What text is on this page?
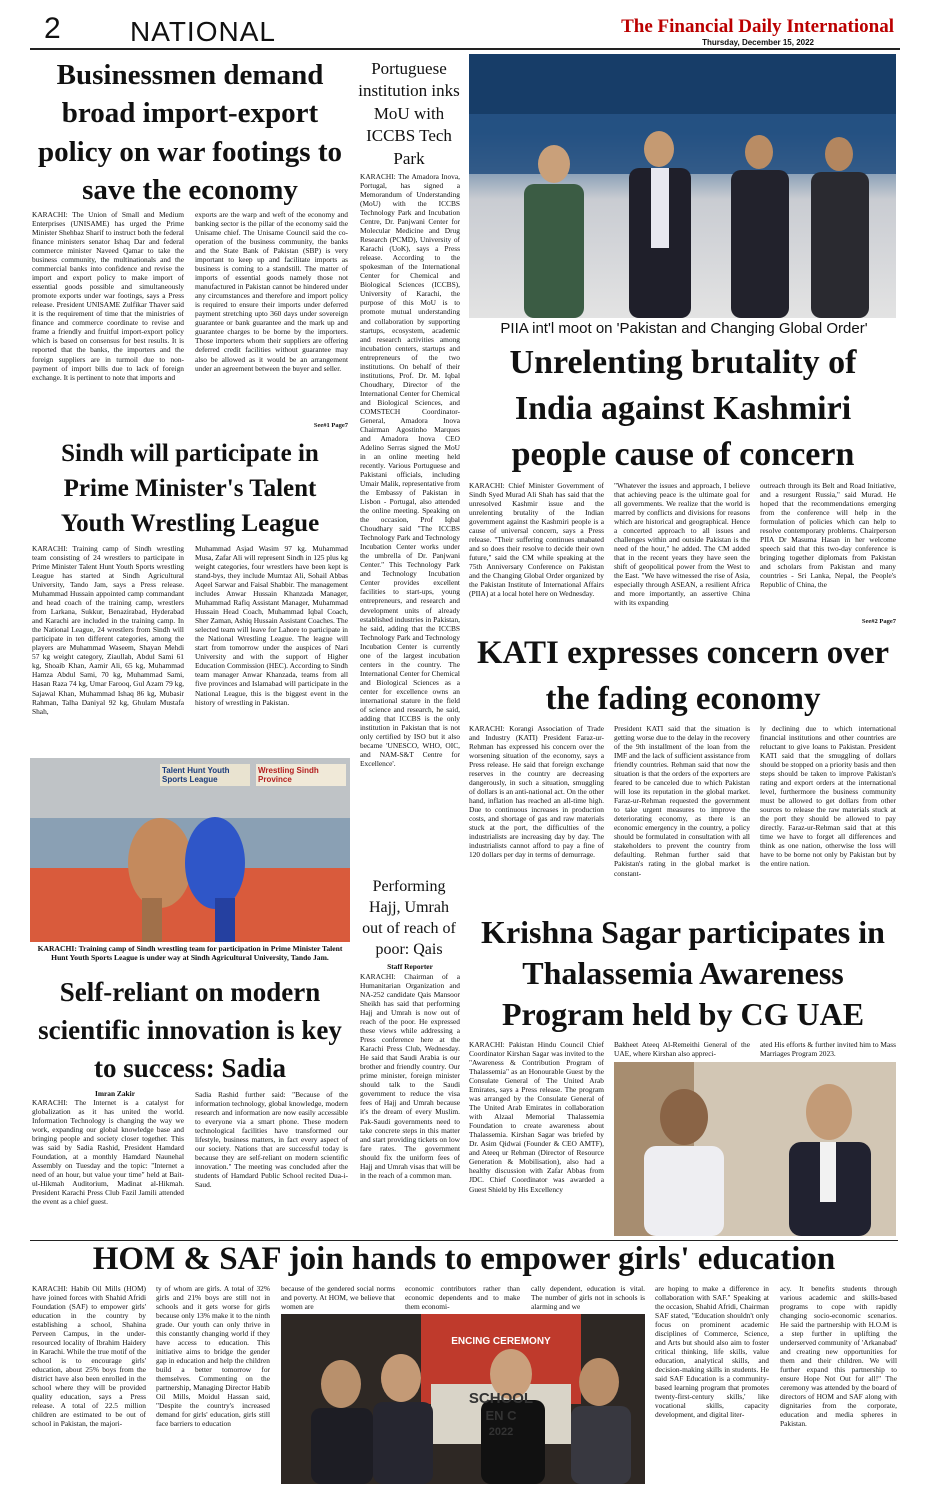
2 NATIONAL	The Financial Daily International
Thursday, December 15, 2022
Businessmen demand broad import-export policy on war footings to save the economy
KARACHI: The Union of Small and Medium Enterprises (UNISAME) has urged the Prime Minister Shehbaz Sharif to instruct both the federal finance ministers senator Ishaq Dar and federal commerce minister Naveed Qamar to take the business community, the multinationals and the commercial banks into confidence and revise the import and export policy to make import of essential goods possible and simultaneously promote exports under war footings, says a Press release. President UNISAME Zulfikar Thaver said it is the requirement of time that the ministries of finance and commerce coordinate to revise and frame a friendly and fruitful import-export policy which is based on consensus for best results. It is reported that the banks, the importers and the foreign suppliers are in turmoil due to non-payment of import bills due to lack of foreign exchange. It is pertinent to note that imports and
exports are the warp and weft of the economy and banking sector is the pillar of the economy said the Unisame chief. The Unisame Council said the co-operation of the business community, the banks and the State Bank of Pakistan (SBP) is very important to keep up and facilitate imports as business is coming to a standstill. The matter of imports of essential goods namely those not manufactured in Pakistan cannot be hindered under any circumstances and therefore and import policy is required to ensure their imports under deferred payment stretching upto 360 days under sovereign guarantee or bank guarantee and the mark up and guarantee charges to be borne by the importers. Those importers whom their suppliers are offering deferred credit facilities without guarantee may also be allowed as it would be an arrangement under an agreement between the buyer and seller.
See#1 Page7
Portuguese institution inks MoU with ICCBS Tech Park
KARACHI: The Amadora Inova, Portugal, has signed a Memorandum of Understanding (MoU) with the ICCBS Technology Park and Incubation Centre, Dr. Panjwani Center for Molecular Medicine and Drug Research (PCMD), University of Karachi (UoK), says a Press release. According to the spokesman of the International Center for Chemical and Biological Sciences (ICCBS), University of Karachi, the purpose of this MoU is to promote mutual understanding and collaboration by supporting startups, ecosystem, academic and research activities among incubation centers, startups and entrepreneurs of the two institutions. On behalf of their institutions, Prof. Dr. M. Iqbal Choudhary, Director of the International Center for Chemical and Biological Sciences, and COMSTECH Coordinator-General, Amadora Inova Chairman Agostinho Marques and Amadora Inova CEO Adelino Serras signed the MoU in an online meeting held recently. Various Portuguese and Pakistani officials, including Umair Malik, representative from the Embassy of Pakistan in Lisbon - Portugal, also attended the online meeting. Speaking on the occasion, Prof Iqbal Choudhary said "The ICCBS Technology Park and Technology Incubation Center works under the umbrella of Dr. Panjwani Center." This Technology Park and Technology Incubation Center provides excellent facilities to start-ups, young entrepreneurs, and research and development units of already established industries in Pakistan, he said, adding that the ICCBS Technology Park and Technology Incubation Center is currently one of the largest incubation centers in the country. The International Center for Chemical and Biological Sciences as a center for excellence owns an international stature in the field of science and research, he said, adding that ICCBS is the only institution in Pakistan that is not only certified by ISO but it also became 'UNESCO, WHO, OIC, and NAM-S&T Centre for Excellence'.
PIIA int'l moot on 'Pakistan and Changing Global Order'
Unrelenting brutality of India against Kashmiri people cause of concern
KARACHI: Chief Minister Government of Sindh Syed Murad Ali Shah has said that the unresolved Kashmir issue and the unrelenting brutality of the Indian government against the Kashmiri people is a cause of universal concern, says a Press release. "Their suffering continues unabated and so does their resolve to decide their own future," said the CM while speaking at the 75th Anniversary Conference on Pakistan and the Changing Global Order organized by the Pakistan Institute of International Affairs (PIIA) at a local hotel here on Wednesday.
"Whatever the issues and approach, I believe that achieving peace is the ultimate goal for all governments. We realize that the world is marred by conflicts and divisions for reasons which are historical and geographical. Hence a concerted approach to all issues and challenges within and outside Pakistan is the need of the hour," he added. The CM added that in the recent years they have seen the shift of geopolitical power from the West to the East. "We have witnessed the rise of Asia, especially through ASEAN, a resilient Africa and more importantly, an assertive China with its expanding
outreach through its Belt and Road Initiative, and a resurgent Russia," said Murad. He hoped that the recommendations emerging from the conference will help in the formulation of policies which can help to resolve contemporary problems. Chairperson PIIA Dr Masuma Hasan in her welcome speech said that this two-day conference is bringing together diplomats from Pakistan and scholars from Pakistan and many countries - Sri Lanka, Nepal, the People's Republic of China, the
See#2 Page7
Sindh will participate in Prime Minister's Talent Youth Wrestling League
KARACHI: Training camp of Sindh wrestling team consisting of 24 wrestlers to participate in Prime Minister Talent Hunt Youth Sports wrestling League has started at Sindh Agricultural University, Tando Jam, says a Press release. Muhammad Hussain appointed camp commandant and head coach of the training camp, wrestlers from Larkana, Sukkur, Benazirabad, Hyderabad and Karachi are included in the training camp. In the National League, 24 wrestlers from Sindh will participate in ten different categories, among the players are Muhammad Waseem, Shayan Mehdi 57 kg weight category, Ziaullah, Abdul Sami 61 kg, Shoaib Khan, Aamir Ali, 65 kg, Muhammad Hamza Abdul Sami, 70 kg, Muhammad Sami, Hasan Raza 74 kg, Umar Farooq, Gul Azam 79 kg, Sajawal Khan, Muhammad Ishaq 86 kg, Mubasir Rahman, Talha Daniyal 92 kg, Ghulam Mustafa Shah,
Muhammad Asjad Wasim 97 kg. Muhammad Musa, Zafar Ali will represent Sindh in 125 plus kg weight categories, four wrestlers have been kept is stand-bys, they include Mumtaz Ali, Sohail Abbas Aqeel Sarwar and Faisal Shabbir. The management includes Anwar Hussain Khanzada Manager, Muhammad Rafiq Assistant Manager, Muhammad Hussain Head Coach, Muhammad Iqbal Coach, Sher Zaman, Ashiq Hussain Assistant Coaches. The selected team will leave for Lahore to participate in the National Wrestling League. The league will start from tomorrow under the auspices of Nari University and with the support of Higher Education Commission (HEC). According to Sindh team manager Anwar Khanzada, teams from all five provinces and Islamabad will participate in the National League, this is the biggest event in the history of wrestling in Pakistan.
Talent Hunt Youth Sports League
Wrestling Sindh Province
KARACHI: Training camp of Sindh wrestling team for participation in Prime Minister Talent Hunt Youth Sports League is under way at Sindh Agricultural University, Tando Jam.
KATI expresses concern over the fading economy
KARACHI: Korangi Association of Trade and Industry (KATI) President Faraz-ur-Rehman has expressed his concern over the worsening situation of the economy, says a Press release. He said that foreign exchange reserves in the country are decreasing dangerously, in such a situation, smuggling of dollars is an anti-national act. On the other hand, inflation has reached an all-time high. Due to continuous increases in production costs, and shortage of gas and raw materials stuck at the port, the difficulties of the industrialists are increasing day by day. The industrialists cannot afford to pay a fine of 120 dollars per day in terms of demurrage.
President KATI said that the situation is getting worse due to the delay in the recovery of the 9th installment of the loan from the IMF and the lack of sufficient assistance from friendly countries. Rehman said that now the situation is that the orders of the exporters are feared to be canceled due to which Pakistan will lose its reputation in the global market. Faraz-ur-Rehman requested the government to take urgent measures to improve the deteriorating economy, as there is an economic emergency in the country, a policy should be formulated in consultation with all stakeholders to prevent the country from defaulting. Rehman further said that Pakistan's rating in the global market is constant-
ly declining due to which international financial institutions and other countries are reluctant to give loans to Pakistan. President KATI said that the smuggling of dollars should be stopped on a priority basis and then steps should be taken to improve Pakistan's rating and export orders at the international level, furthermore the business community must be allowed to get dollars from other sources to release the raw materials stuck at the port they should be allowed to pay directly. Faraz-ur-Rehman said that at this time we have to forget all differences and think as one nation, otherwise the loss will have to be borne not only by Pakistan but by the entire nation.
Performing Hajj, Umrah out of reach of poor: Qais
Staff Reporter
KARACHI: Chairman of a Humanitarian Organization and NA-252 candidate Qais Mansoor Sheikh has said that performing Hajj and Umrah is now out of reach of the poor. He expressed these views while addressing a Press conference here at the Karachi Press Club, Wednesday. He said that Saudi Arabia is our brother and friendly country. Our prime minister, foreign minister should talk to the Saudi government to reduce the visa fees of Hajj and Umrah because it's the dream of every Muslim. Pak-Saudi governments need to take concrete steps in this matter and start providing tickets on low fare rates. The government should fix the uniform fees of Hajj and Umrah visas that will be in the reach of a common man.
Self-reliant on modern scientific innovation is key to success: Sadia
Imran Zakir
KARACHI: The Internet is a catalyst for globalization as it has united the world. Information Technology is changing the way we work, expanding our global knowledge base and bringing people and society closer together. This was said by Sadia Rashid, President Hamdard Foundation, at a monthly Hamdard Naunehal Assembly on Tuesday and the topic: "Internet a need of an hour, but value your time" held at Bait-ul-Hikmah Auditorium, Madinat al-Hikmah. President Karachi Press Club Fazil Jamili attended the event as a chief guest.
Sadia Rashid further said: "Because of the information technology, global knowledge, modern research and information are now easily accessible to everyone via a smart phone. These modern technological facilities have transformed our lifestyle, business matters, in fact every aspect of our society. Nations that are successful today is because they are self-reliant on modern scientific innovation." The meeting was concluded after the students of Hamdard Public School recited Dua-i-Saud.
Krishna Sagar participates in Thalassemia Awareness Program held by CG UAE
KARACHI: Pakistan Hindu Council Chief Coordinator Kirshan Sagar was invited to the "Awareness & Contribution Program of Thalassemia" as an Honourable Guest by the Consulate General of The United Arab Emirates, says a Press release. The program was arranged by the Consulate General of The United Arab Emirates in collaboration with Alzaal Memorial Thalassemia Foundation to create awareness about Thalassemia. Kirshan Sagar was briefed by Dr. Asim Qidwai (Founder & CEO AMTF), and Ateeq ur Rehman (Director of Resource Generation & Mobilisation), also had a healthy discussion with Zafar Abbas from JDC. Chief Coordinator was awarded a Guest Shield by His Excellency
Bakheet Ateeq Al-Remeithi General of the UAE, where Kirshan also appreci-
ated His efforts & further invited him to Mass Marriages Program 2023.
HOM & SAF join hands to empower girls' education
KARACHI: Habib Oil Mills (HOM) have joined forces with Shahid Afridi Foundation (SAF) to empower girls' education in the country by establishing a school, Shahina Perveen Campus, in the under-resourced locality of Ibrahim Haidery in Karachi. While the true motif of the school is to encourage girls' education, about 25% boys from the district have also been enrolled in the school where they will be provided quality education, says a Press release. A total of 22.5 million children are estimated to be out of school in Pakistan, the majori-
ty of whom are girls. A total of 32% girls and 21% boys are still not in schools and it gets worse for girls because only 13% make it to the ninth grade. Our youth can only thrive in this constantly changing world if they have access to education. This initiative aims to bridge the gender gap in education and help the children build a better tomorrow for themselves. Commenting on the partnership, Managing Director Habib Oil Mills, Moidul Hassan said, "Despite the country's increased demand for girls' education, girls still face barriers to education
because of the gendered social norms and poverty. At HOM, we believe that women are
economic contributors rather than economic dependents and to make them economi-
cally dependent, education is vital. The number of girls not in schools is alarming and we
are hoping to make a difference in collaboration with SAF." Speaking at the occasion, Shahid Afridi, Chairman SAF stated, "Education shouldn't only focus on prominent academic disciplines of Commerce, Science, and Arts but should also aim to foster critical thinking, life skills, value education, analytical skills, and decision-making skills in students. He said SAF Education is a community-based learning program that promotes twenty-first-century skills,' like vocational skills, capacity development, and digital liter-
acy. It benefits students through various academic and skills-based programs to cope with rapidly changing socio-economic scenarios. He said the partnership with H.O.M is a step further in uplifting the underserved community of 'Arkanabad' and creating new opportunities for them and their children. We will further expand this partnership to ensure Hope Not Out for all!" The ceremony was attended by the board of directors of HOM and SAF along with dignitaries from the corporate, education and media spheres in Pakistan.
ENCING CEREMONY
SCHOOL
EN C
2022
